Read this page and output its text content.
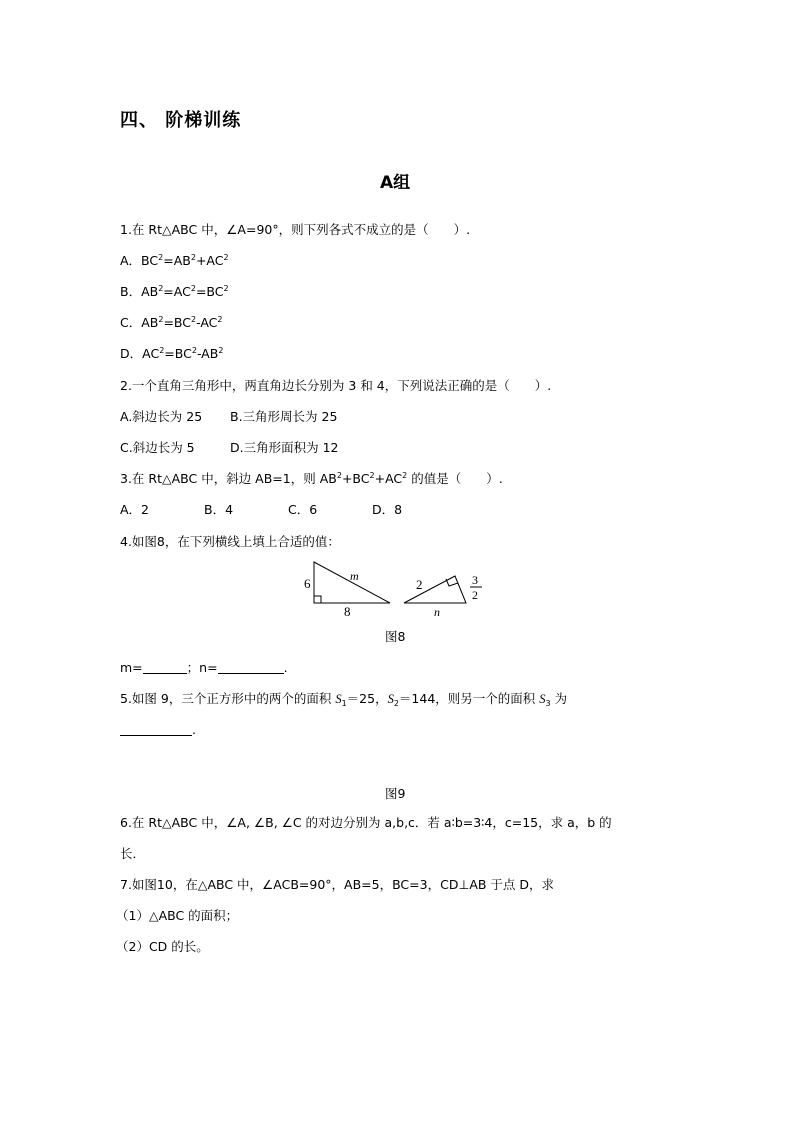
四、 阶梯训练
A组
1.在 Rt△ABC 中，∠A=90°，则下列各式不成立的是（　　）.
A．$BC^2=AB^2+AC^2$
B．$AB^2=AC^2=BC^2$
C．$AB^2=BC^2-AC^2$
D．$AC^2=BC^2-AB^2$
2.一个直角三角形中，两直角边长分别为 3 和 4，下列说法正确的是（　　）.
A.斜边长为 25 B.三角形周长为 25
C.斜边长为 5	D.三角形面积为 12
3.在 Rt△ABC 中，斜边 AB=1，则 $AB^2+BC^2+AC^2$ 的值是（　　）.
A．2	B．4	C．6	D．8
4.如图8，在下列横线上填上合适的值：
6
8
m
2
n
3
2
图8
m=	；n=	.
5.如图 9，三个正方形中的两个的面积 $S_1=25$，$S_2=144$，则另一个的面积 $S_3$ 为
.
图9
6.在 Rt△ABC 中，∠A, ∠B, ∠C 的对边分别为 a,b,c．若 a∶b=3∶4，c=15，求 a，b 的
长．
7.如图10，在△ABC 中，∠ACB=90°，AB=5，BC=3，CD⊥AB 于点 D，求
（1）△ABC 的面积；
（2）CD 的长。
